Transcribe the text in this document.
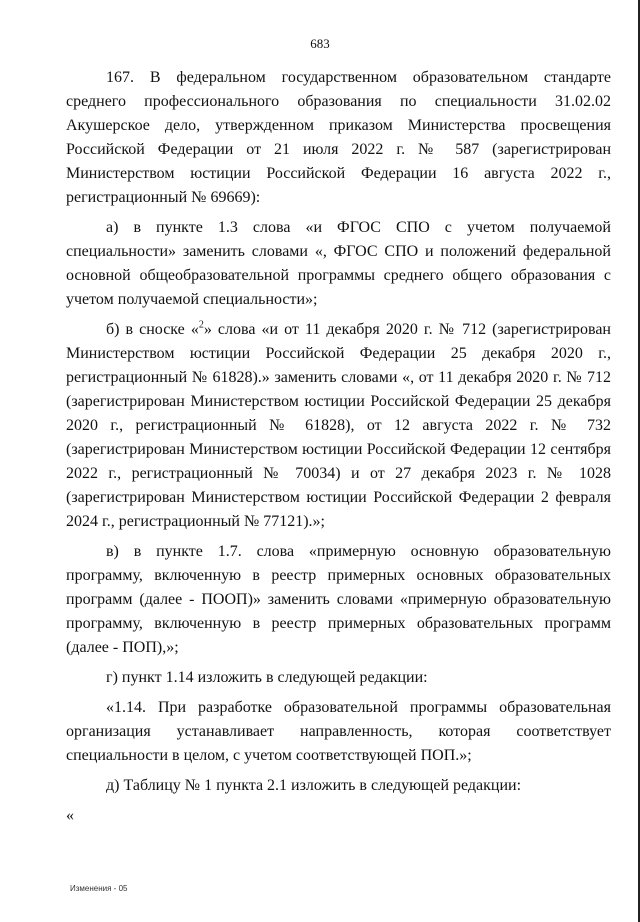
683

167. В федеральном государственном образовательном стандарте среднего профессионального образования по специальности 31.02.02 Акушерское дело, утвержденном приказом Министерства просвещения Российской Федерации от 21 июля 2022 г. № 587 (зарегистрирован Министерством юстиции Российской Федерации 16 августа 2022 г., регистрационный № 69669):

а) в пункте 1.3 слова «и ФГОС СПО с учетом получаемой специальности» заменить словами «, ФГОС СПО и положений федеральной основной общеобразовательной программы среднего общего образования с учетом получаемой специальности»;

б) в сноске «$^2$» слова «и от 11 декабря 2020 г. № 712 (зарегистрирован Министерством юстиции Российской Федерации 25 декабря 2020 г., регистрационный № 61828).» заменить словами «, от 11 декабря 2020 г. № 712 (зарегистрирован Министерством юстиции Российской Федерации 25 декабря 2020 г., регистрационный № 61828), от 12 августа 2022 г. № 732 (зарегистрирован Министерством юстиции Российской Федерации 12 сентября 2022 г., регистрационный № 70034) и от 27 декабря 2023 г. № 1028 (зарегистрирован Министерством юстиции Российской Федерации 2 февраля 2024 г., регистрационный № 77121).»;

в) в пункте 1.7. слова «примерную основную образовательную программу, включенную в реестр примерных основных образовательных программ (далее - ПООП)» заменить словами «примерную образовательную программу, включенную в реестр примерных образовательных программ (далее - ПОП),»;

г) пункт 1.14 изложить в следующей редакции:

«1.14. При разработке образовательной программы образовательная организация устанавливает направленность, которая соответствует специальности в целом, с учетом соответствующей ПОП.»;

д) Таблицу № 1 пункта 2.1 изложить в следующей редакции:

«

Изменения - 05
